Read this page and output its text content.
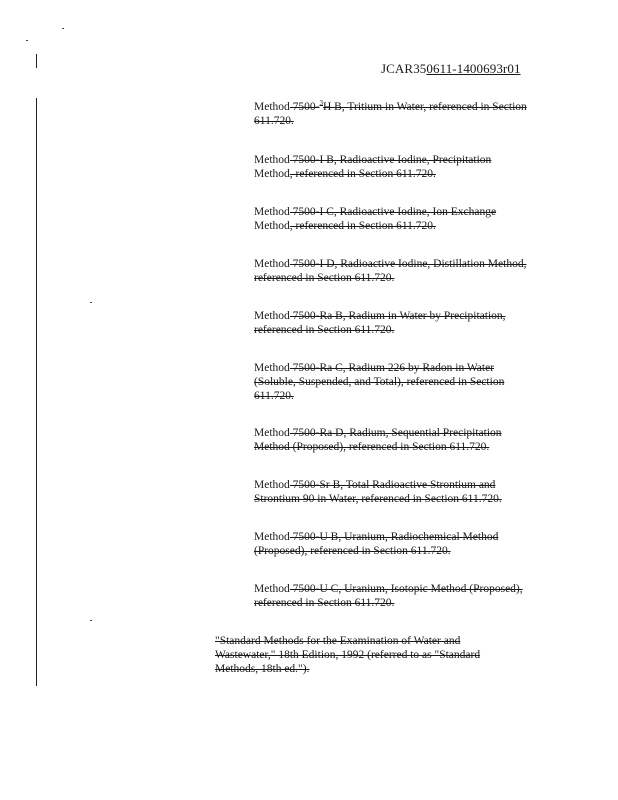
JCAR350611-1400693r01
Method 7500-$^3$H B, Tritium in Water, referenced in Section
611.720.
Method 7500-I B, Radioactive Iodine, Precipitation
Method, referenced in Section 611.720.
Method 7500-I C, Radioactive Iodine, Ion Exchange
Method, referenced in Section 611.720.
Method 7500-I D, Radioactive Iodine, Distillation Method,
referenced in Section 611.720.
Method 7500-Ra B, Radium in Water by Precipitation,
referenced in Section 611.720.
Method 7500-Ra C, Radium 226 by Radon in Water
(Soluble, Suspended, and Total), referenced in Section
611.720.
Method 7500-Ra D, Radium, Sequential Precipitation
Method (Proposed), referenced in Section 611.720.
Method 7500-Sr B, Total Radioactive Strontium and
Strontium 90 in Water, referenced in Section 611.720.
Method 7500-U B, Uranium, Radiochemical Method
(Proposed), referenced in Section 611.720.
Method 7500-U C, Uranium, Isotopic Method (Proposed),
referenced in Section 611.720.
"Standard Methods for the Examination of Water and
Wastewater," 18th Edition, 1992 (referred to as "Standard
Methods, 18th ed.").
